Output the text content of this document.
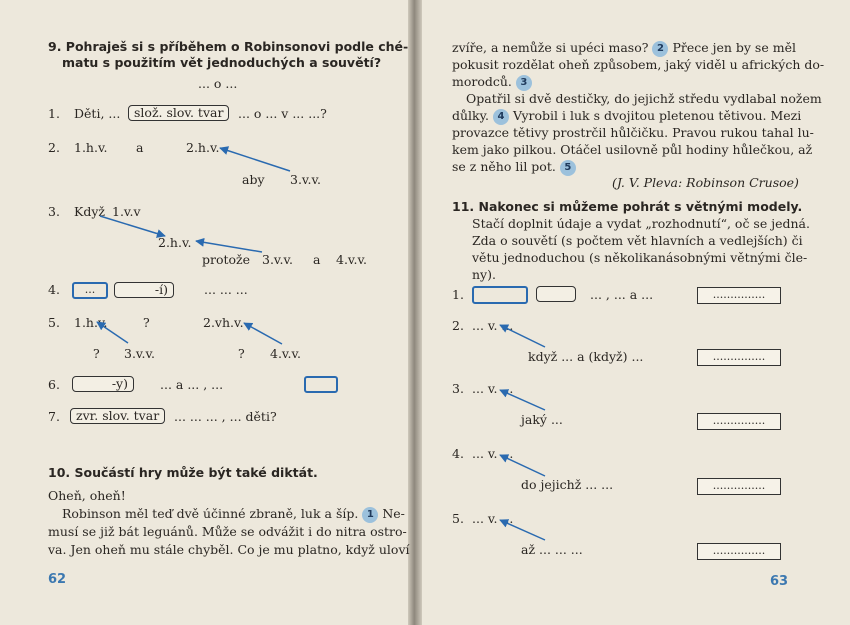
9. Pohraješ si s příběhem o Robinsonovi podle ché-
matu s použitím vět jednoduchých a souvětí?
... o ...
1. Děti, ...	slož. slov. tvar	... o ... v ... ...?
2. 1.h.v. a	2.h.v.
aby 3.v.v.
3. Když 1.v.v
2.h.v.
protože 3.v.v. a 4.v.v.
4.	...	-í)	... ... ...
5. 1.h.v.	?	2.vh.v.
? 3.v.v.	? 4.v.v.
6.	-y)	... a ... , ...
7.	zvr. slov. tvar	... ... ... , ... děti?
10. Součástí hry může být také diktát.
Oheň, oheň!
Robinson měl teď dvě účinné zbraně, luk a šíp. 1 Ne-
musí se již bát leguánů. Může se odvážit i do nitra ostro-
va. Jen oheň mu stále chyběl. Co je mu platno, když uloví
62
zvíře, a nemůže si upéci maso? 2 Přece jen by se měl
pokusit rozdělat oheň způsobem, jaký viděl u afrických do-
morodců. 3
Opatřil si dvě destičky, do jejichž středu vydlabal nožem
důlky. 4 Vyrobil i luk s dvojitou pletenou tětivou. Mezi
provazce tětivy prostrčil hůlčičku. Pravou rukou tahal lu-
kem jako pilkou. Otáčel usilovně půl hodiny hůlečkou, až
se z něho lil pot. 5
(J. V. Pleva: Robinson Crusoe)
11. Nakonec si můžeme pohrát s větnými modely.
Stačí doplnit údaje a vydat „rozhodnutí“, oč se jedná.
Zda o souvětí (s počtem vět hlavních a vedlejších) či
větu jednoduchou (s několikanásobnými větnými čle-
ny).
1.	... , ... a ...	...............
2. ... v. ...
když ... a (když) ...	...............
3. ... v. ...
jaký ...	...............
4. ... v. ...
do jejichž ... ...	...............
5. ... v. ...
až ... ... ...	...............
63
